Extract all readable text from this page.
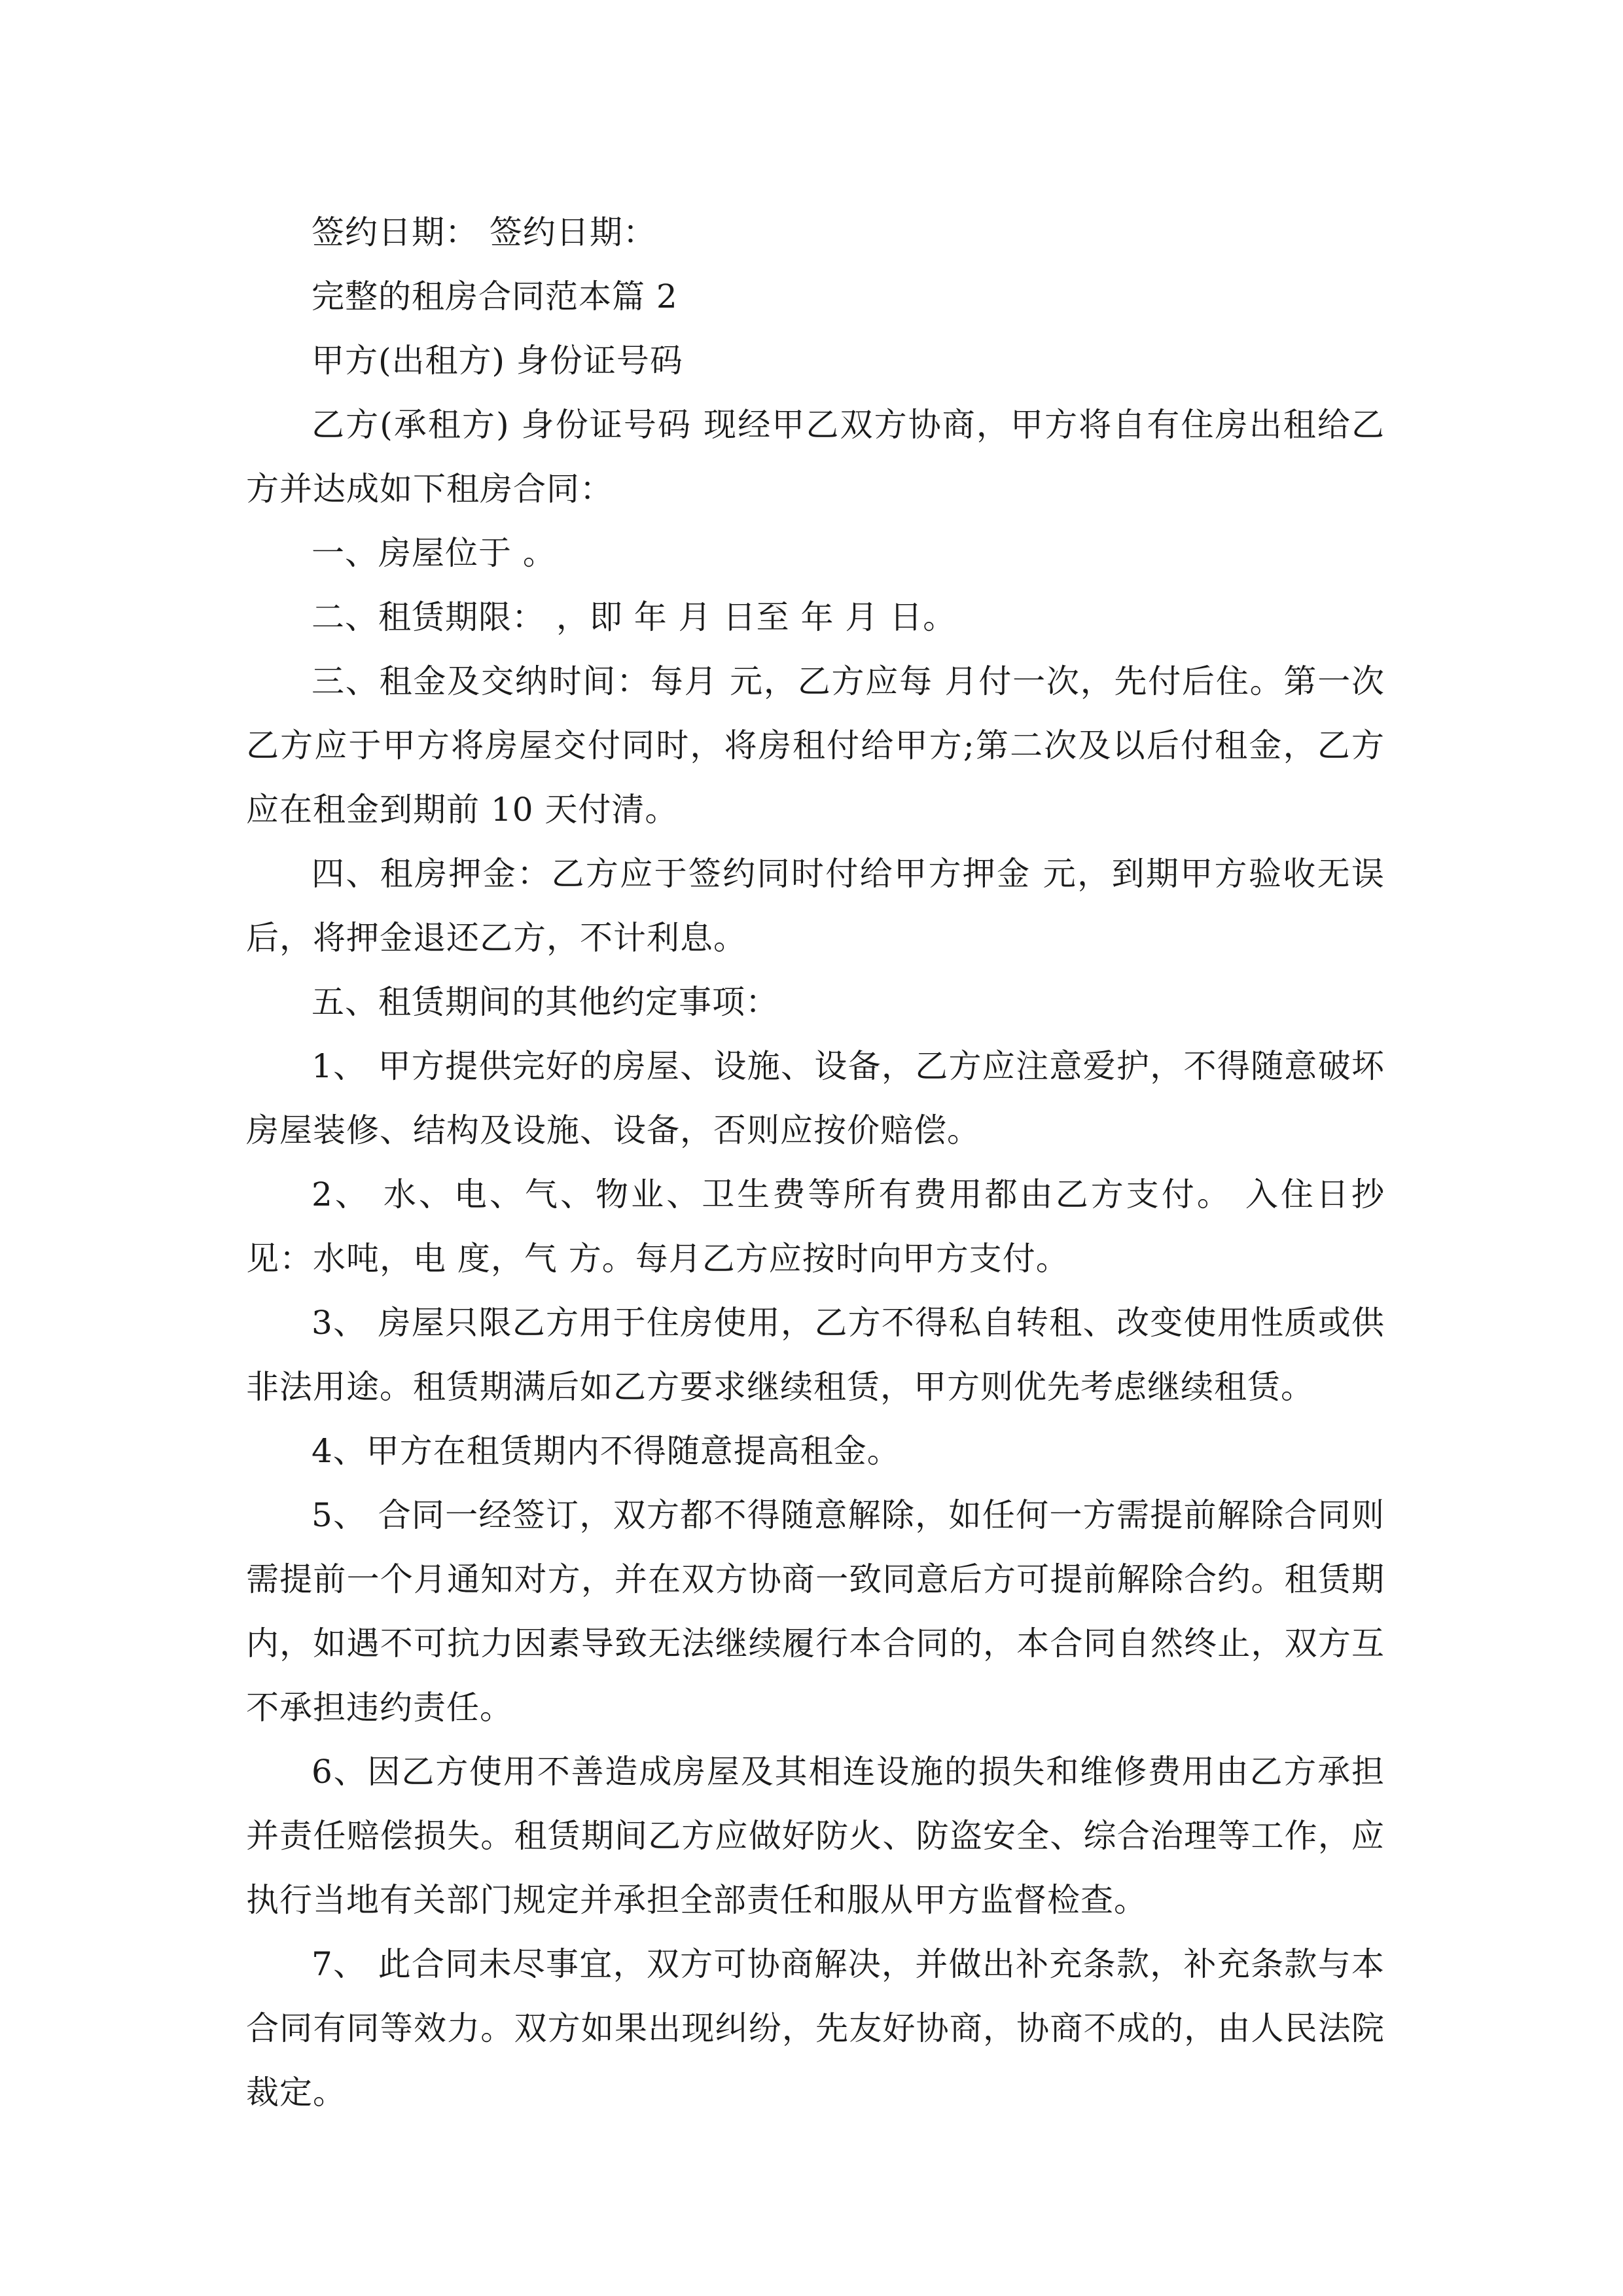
签约日期： 签约日期：

完整的租房合同范本篇 2

甲方(出租方) 身份证号码

乙方(承租方) 身份证号码 现经甲乙双方协商，甲方将自有住房出租给乙方并达成如下租房合同：

一、房屋位于 。

二、租赁期限： ，即 年 月 日至 年 月 日。

三、租金及交纳时间：每月 元，乙方应每 月付一次，先付后住。第一次乙方应于甲方将房屋交付同时，将房租付给甲方;第二次及以后付租金，乙方应在租金到期前 10 天付清。

四、租房押金：乙方应于签约同时付给甲方押金 元，到期甲方验收无误后，将押金退还乙方，不计利息。

五、租赁期间的其他约定事项：

1、 甲方提供完好的房屋、设施、设备，乙方应注意爱护，不得随意破坏房屋装修、结构及设施、设备，否则应按价赔偿。

2、 水、电、气、物业、卫生费等所有费用都由乙方支付。 入住日抄见：水吨，电 度，气 方。每月乙方应按时向甲方支付。

3、 房屋只限乙方用于住房使用，乙方不得私自转租、改变使用性质或供非法用途。租赁期满后如乙方要求继续租赁，甲方则优先考虑继续租赁。

4、甲方在租赁期内不得随意提高租金。

5、 合同一经签订，双方都不得随意解除，如任何一方需提前解除合同则需提前一个月通知对方，并在双方协商一致同意后方可提前解除合约。租赁期内，如遇不可抗力因素导致无法继续履行本合同的，本合同自然终止，双方互不承担违约责任。

6、因乙方使用不善造成房屋及其相连设施的损失和维修费用由乙方承担并责任赔偿损失。租赁期间乙方应做好防火、防盗安全、综合治理等工作，应执行当地有关部门规定并承担全部责任和服从甲方监督检查。

7、 此合同未尽事宜，双方可协商解决，并做出补充条款，补充条款与本合同有同等效力。双方如果出现纠纷，先友好协商，协商不成的，由人民法院裁定。
